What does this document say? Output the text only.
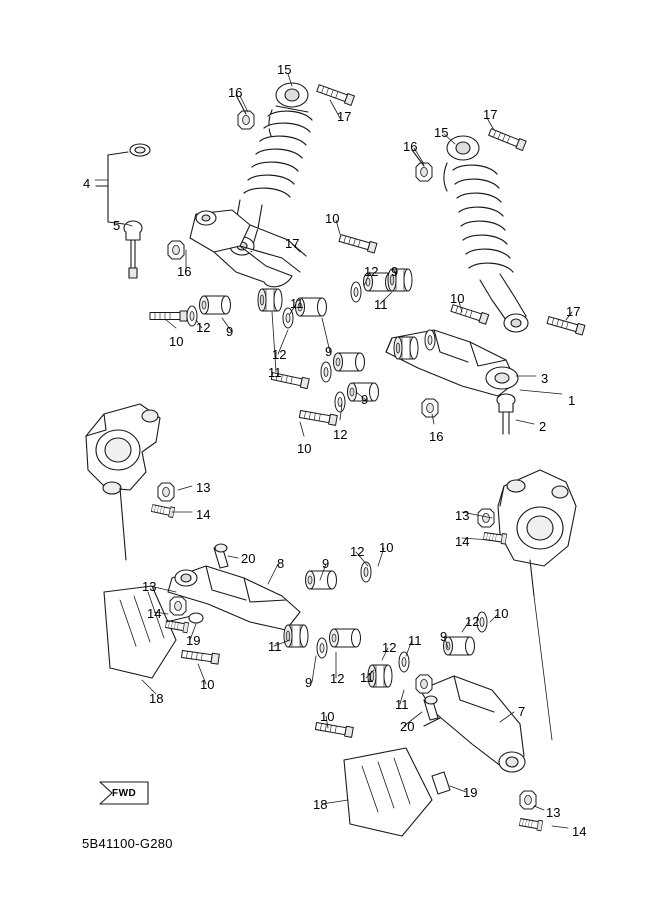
15
16
17	17
15
16
4
10
5
17
16	12 9
11	11	10
17
9
12
10
12	9
11	3
1
12
9
10
16
2
13
14	13
14
20 8	9
12 10
13
14
19
12
10
11	12 11 9
10	12
9	11
11
18
10
20
7
19
18
13
14
FWD
5B41100-G280
